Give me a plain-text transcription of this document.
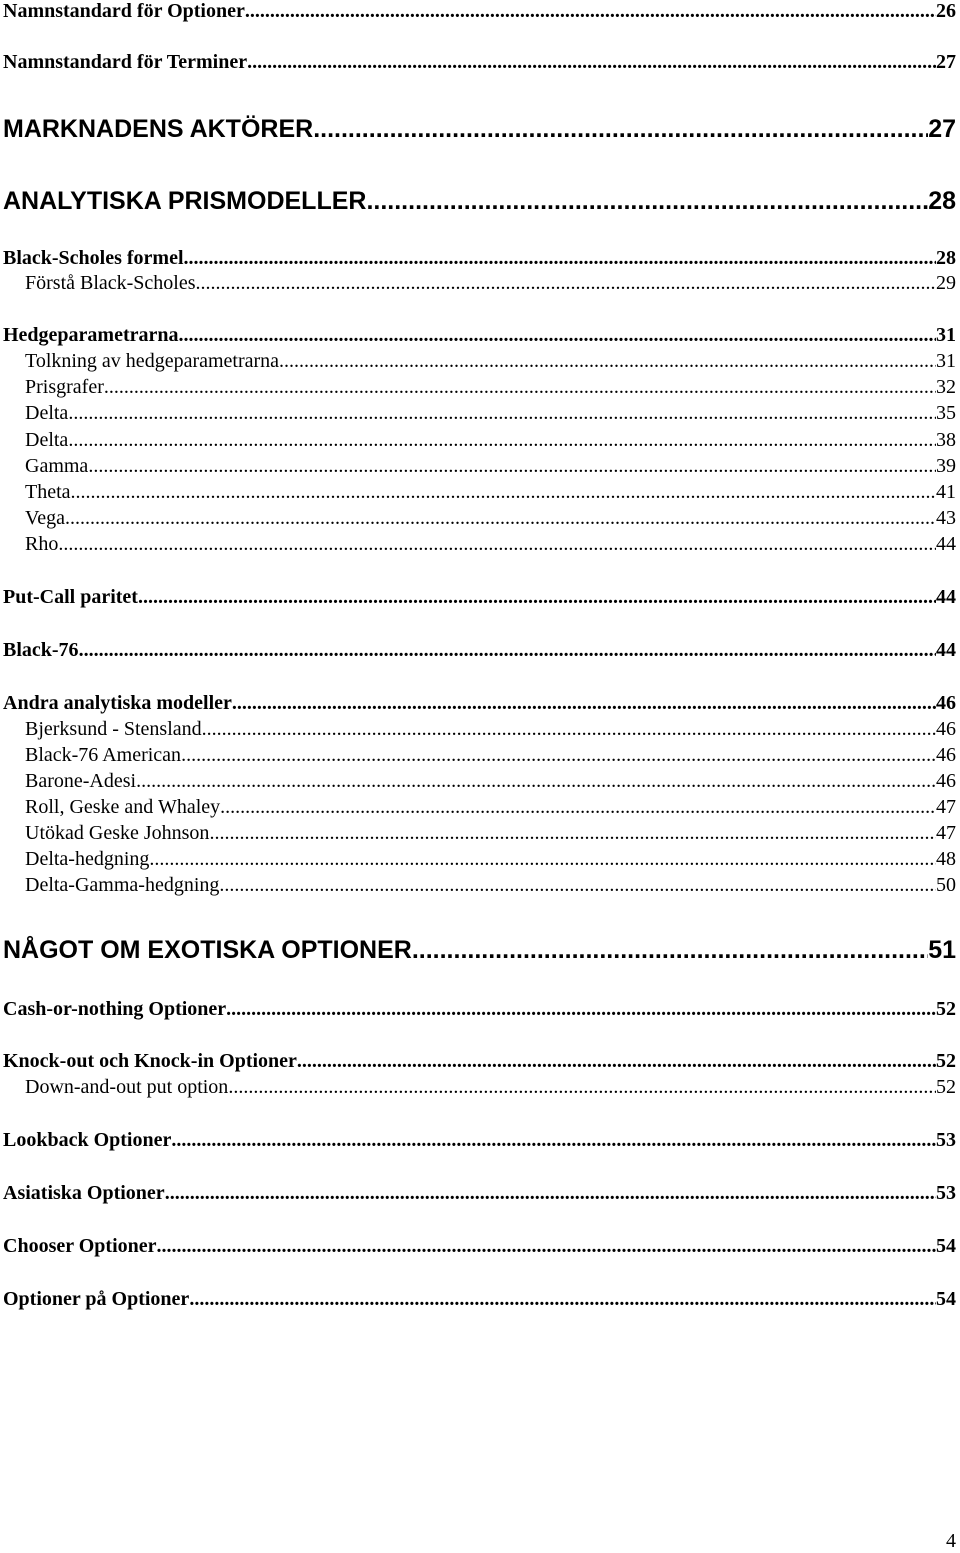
Namnstandard för Optioner .....	26
Namnstandard för Terminer .....	27
MARKNADENS AKTÖRER .....	27
ANALYTISKA PRISMODELLER .....	28
Black-Scholes formel .....	28
Förstå Black-Scholes .....	29
Hedgeparametrarna .....	31
Tolkning av hedgeparametrarna .....	31
Prisgrafer .....	32
Delta .....	35
Delta .....	38
Gamma .....	39
Theta .....	41
Vega .....	43
Rho .....	44
Put-Call paritet .....	44
Black-76 .....	44
Andra analytiska modeller .....	46
Bjerksund - Stensland .....	46
Black-76 American .....	46
Barone-Adesi .....	46
Roll, Geske and Whaley .....	47
Utökad Geske Johnson .....	47
Delta-hedgning .....	48
Delta-Gamma-hedgning .....	50
NÅGOT OM EXOTISKA OPTIONER .....	51
Cash-or-nothing Optioner .....	52
Knock-out och Knock-in Optioner .....	52
Down-and-out put option .....	52
Lookback Optioner .....	53
Asiatiska Optioner .....	53
Chooser Optioner .....	54
Optioner på Optioner .....	54
4
